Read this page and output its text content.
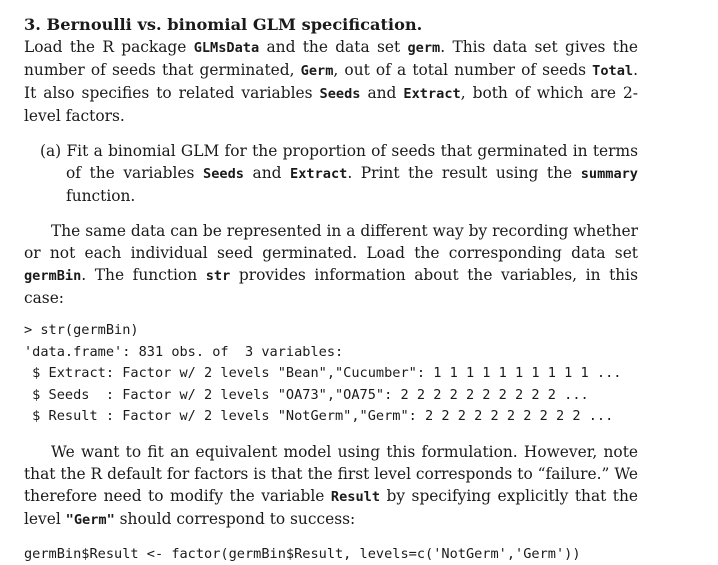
3. Bernoulli vs. binomial GLM specification.

Load the R package GLMsData and the data set germ. This data set gives the number of seeds that germinated, Germ, out of a total number of seeds Total. It also specifies to related variables Seeds and Extract, both of which are 2-level factors.

(a) Fit a binomial GLM for the proportion of seeds that germinated in terms of the variables Seeds and Extract. Print the result using the summary function.

The same data can be represented in a different way by recording whether or not each individual seed germinated. Load the corresponding data set germBin. The function str provides information about the variables, in this case:

> str(germBin)
'data.frame': 831 obs. of  3 variables:
$ Extract: Factor w/ 2 levels "Bean","Cucumber": 1 1 1 1 1 1 1 1 1 1 ...
$ Seeds  : Factor w/ 2 levels "OA73","OA75": 2 2 2 2 2 2 2 2 2 2 ...
$ Result : Factor w/ 2 levels "NotGerm","Germ": 2 2 2 2 2 2 2 2 2 2 ...

We want to fit an equivalent model using this formulation. However, note that the R default for factors is that the first level corresponds to “failure.” We therefore need to modify the variable Result by specifying explicitly that the level "Germ" should correspond to success:

germBin$Result <- factor(germBin$Result, levels=c('NotGerm','Germ'))
